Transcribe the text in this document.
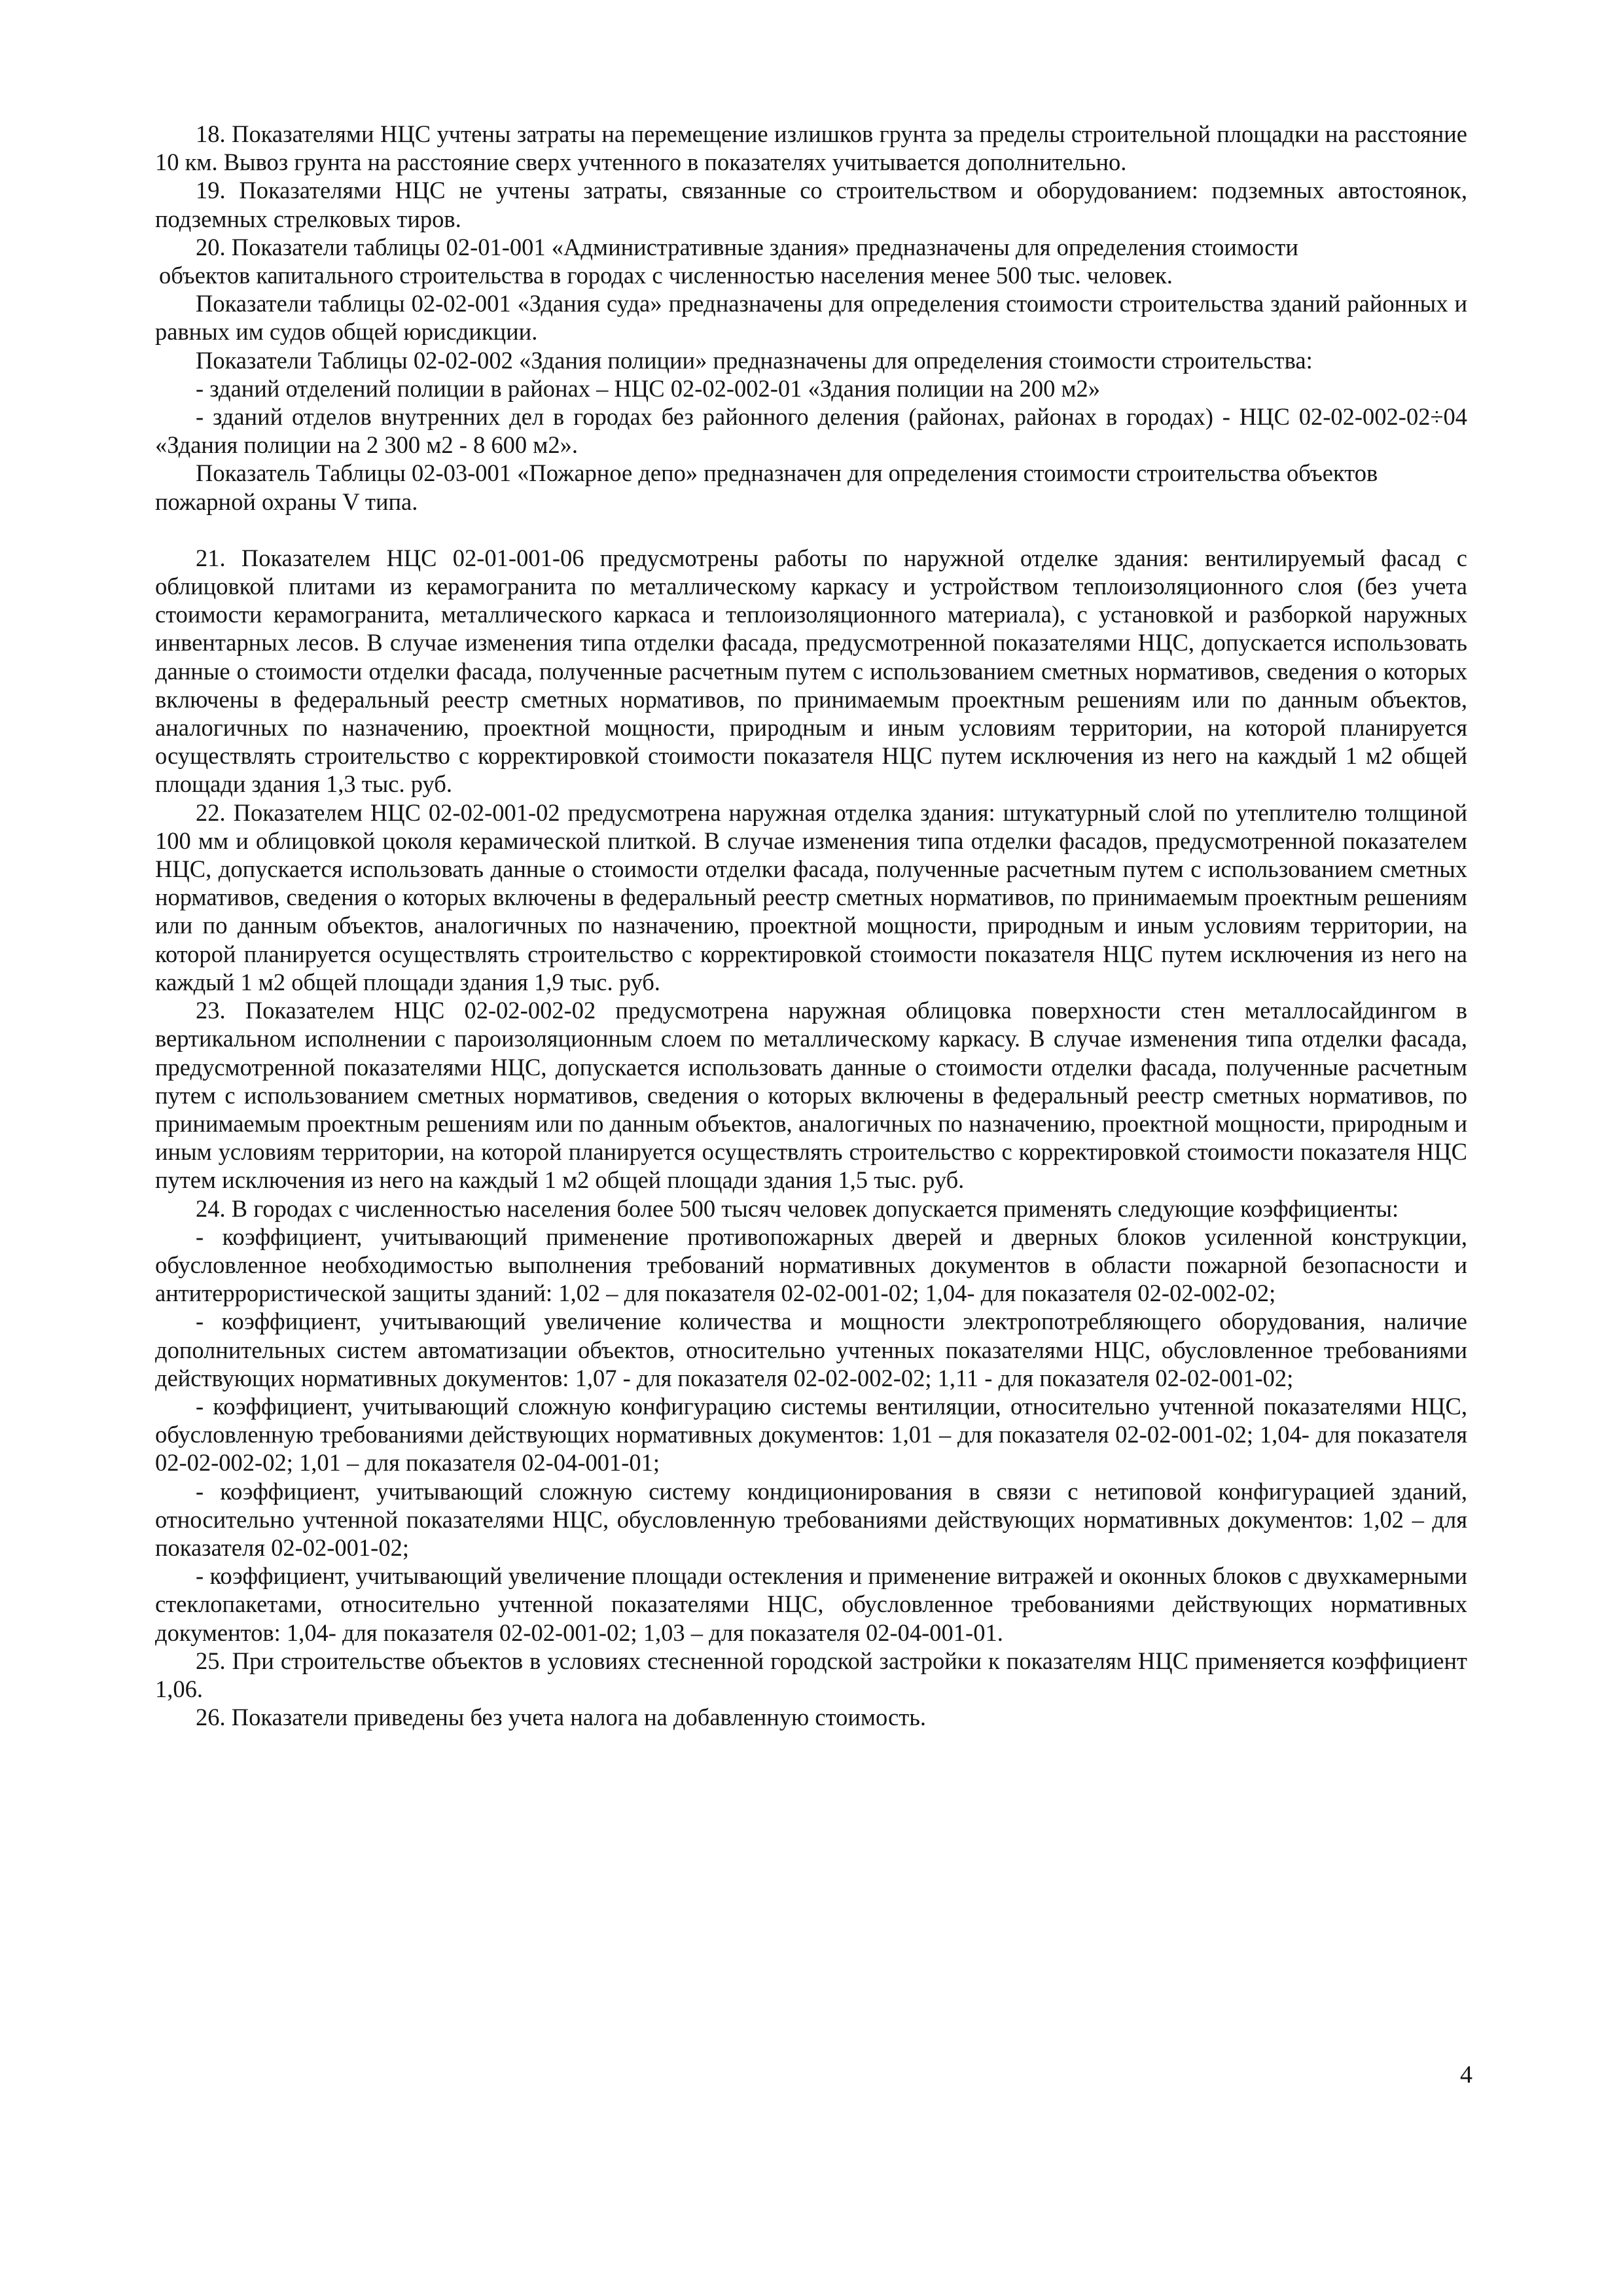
18. Показателями НЦС учтены затраты на перемещение излишков грунта за пределы строительной площадки на расстояние 10 км. Вывоз грунта на расстояние сверх учтенного в показателях учитывается дополнительно.

19. Показателями НЦС не учтены затраты, связанные со строительством и оборудованием: подземных автостоянок, подземных стрелковых тиров.

20. Показатели таблицы 02-01-001 «Административные здания» предназначены для определения стоимости

объектов капитального строительства в городах с численностью населения менее 500 тыс. человек.

Показатели таблицы 02-02-001 «Здания суда» предназначены для определения стоимости строительства зданий районных и равных им судов общей юрисдикции.

Показатели Таблицы 02-02-002 «Здания полиции» предназначены для определения стоимости строительства:

- зданий отделений полиции в районах – НЦС 02-02-002-01 «Здания полиции на 200 м2»

- зданий отделов внутренних дел в городах без районного деления (районах, районах в городах) - НЦС 02-02-002-02÷04 «Здания полиции на 2 300 м2 - 8 600 м2».

Показатель Таблицы 02-03-001 «Пожарное депо» предназначен для определения стоимости строительства объектов пожарной охраны V типа.

21. Показателем НЦС 02-01-001-06 предусмотрены работы по наружной отделке здания: вентилируемый фасад с облицовкой плитами из керамогранита по металлическому каркасу и устройством теплоизоляционного слоя (без учета стоимости керамогранита, металлического каркаса и теплоизоляционного материала), с установкой и разборкой наружных инвентарных лесов. В случае изменения типа отделки фасада, предусмотренной показателями НЦС, допускается использовать данные о стоимости отделки фасада, полученные расчетным путем с использованием сметных нормативов, сведения о которых включены в федеральный реестр сметных нормативов, по принимаемым проектным решениям или по данным объектов, аналогичных по назначению, проектной мощности, природным и иным условиям территории, на которой планируется осуществлять строительство с корректировкой стоимости показателя НЦС путем исключения из него на каждый 1 м2 общей площади здания 1,3 тыс. руб.

22. Показателем НЦС 02-02-001-02 предусмотрена наружная отделка здания: штукатурный слой по утеплителю толщиной 100 мм и облицовкой цоколя керамической плиткой. В случае изменения типа отделки фасадов, предусмотренной показателем НЦС, допускается использовать данные о стоимости отделки фасада, полученные расчетным путем с использованием сметных нормативов, сведения о которых включены в федеральный реестр сметных нормативов, по принимаемым проектным решениям или по данным объектов, аналогичных по назначению, проектной мощности, природным и иным условиям территории, на которой планируется осуществлять строительство с корректировкой стоимости показателя НЦС путем исключения из него на каждый 1 м2 общей площади здания 1,9 тыс. руб.

23. Показателем НЦС 02-02-002-02 предусмотрена наружная облицовка поверхности стен металлосайдингом в вертикальном исполнении с пароизоляционным слоем по металлическому каркасу. В случае изменения типа отделки фасада, предусмотренной показателями НЦС, допускается использовать данные о стоимости отделки фасада, полученные расчетным путем с использованием сметных нормативов, сведения о которых включены в федеральный реестр сметных нормативов, по принимаемым проектным решениям или по данным объектов, аналогичных по назначению, проектной мощности, природным и иным условиям территории, на которой планируется осуществлять строительство с корректировкой стоимости показателя НЦС путем исключения из него на каждый 1 м2 общей площади здания 1,5 тыс. руб.

24. В городах с численностью населения более 500 тысяч человек допускается применять следующие коэффициенты:

- коэффициент, учитывающий применение противопожарных дверей и дверных блоков усиленной конструкции, обусловленное необходимостью выполнения требований нормативных документов в области пожарной безопасности и антитеррористической защиты зданий: 1,02 – для показателя 02-02-001-02; 1,04- для показателя 02-02-002-02;

- коэффициент, учитывающий увеличение количества и мощности электропотребляющего оборудования, наличие дополнительных систем автоматизации объектов, относительно учтенных показателями НЦС, обусловленное требованиями действующих нормативных документов: 1,07 - для показателя 02-02-002-02; 1,11 - для показателя 02-02-001-02;

- коэффициент, учитывающий сложную конфигурацию системы вентиляции, относительно учтенной показателями НЦС, обусловленную требованиями действующих нормативных документов: 1,01 – для показателя 02-02-001-02; 1,04- для показателя 02-02-002-02; 1,01 – для показателя 02-04-001-01;

- коэффициент, учитывающий сложную систему кондиционирования в связи с нетиповой конфигурацией зданий, относительно учтенной показателями НЦС, обусловленную требованиями действующих нормативных документов: 1,02 – для показателя 02-02-001-02;

- коэффициент, учитывающий увеличение площади остекления и применение витражей и оконных блоков с двухкамерными стеклопакетами, относительно учтенной показателями НЦС, обусловленное требованиями действующих нормативных документов: 1,04- для показателя 02-02-001-02; 1,03 – для показателя 02-04-001-01.

25. При строительстве объектов в условиях стесненной городской застройки к показателям НЦС применяется коэффициент 1,06.

26. Показатели приведены без учета налога на добавленную стоимость.

4
